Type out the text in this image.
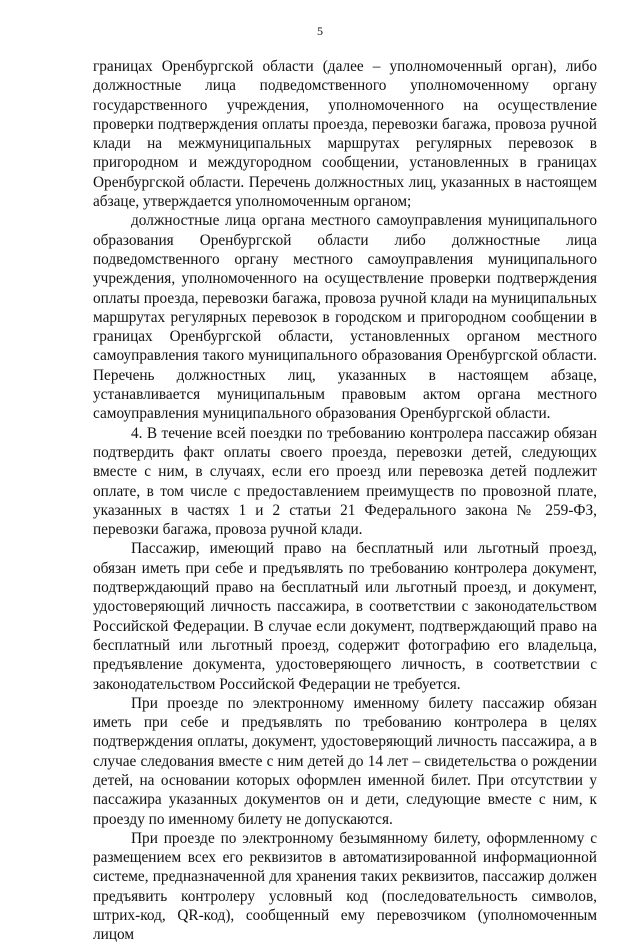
5

границах Оренбургской области (далее – уполномоченный орган), либо должностные лица подведомственного уполномоченному органу государственного учреждения, уполномоченного на осуществление проверки подтверждения оплаты проезда, перевозки багажа, провоза ручной клади на межмуниципальных маршрутах регулярных перевозок в пригородном и междугородном сообщении, установленных в границах Оренбургской области. Перечень должностных лиц, указанных в настоящем абзаце, утверждается уполномоченным органом;

должностные лица органа местного самоуправления муниципального образования Оренбургской области либо должностные лица подведомственного органу местного самоуправления муниципального учреждения, уполномоченного на осуществление проверки подтверждения оплаты проезда, перевозки багажа, провоза ручной клади на муниципальных маршрутах регулярных перевозок в городском и пригородном сообщении в границах Оренбургской области, установленных органом местного самоуправления такого муниципального образования Оренбургской области. Перечень должностных лиц, указанных в настоящем абзаце, устанавливается муниципальным правовым актом органа местного самоуправления муниципального образования Оренбургской области.

4. В течение всей поездки по требованию контролера пассажир обязан подтвердить факт оплаты своего проезда, перевозки детей, следующих вместе с ним, в случаях, если его проезд или перевозка детей подлежит оплате, в том числе с предоставлением преимуществ по провозной плате, указанных в частях 1 и 2 статьи 21 Федерального закона № 259-ФЗ, перевозки багажа, провоза ручной клади.

Пассажир, имеющий право на бесплатный или льготный проезд, обязан иметь при себе и предъявлять по требованию контролера документ, подтверждающий право на бесплатный или льготный проезд, и документ, удостоверяющий личность пассажира, в соответствии с законодательством Российской Федерации. В случае если документ, подтверждающий право на бесплатный или льготный проезд, содержит фотографию его владельца, предъявление документа, удостоверяющего личность, в соответствии с законодательством Российской Федерации не требуется.

При проезде по электронному именному билету пассажир обязан иметь при себе и предъявлять по требованию контролера в целях подтверждения оплаты, документ, удостоверяющий личность пассажира, а в случае следования вместе с ним детей до 14 лет – свидетельства о рождении детей, на основании которых оформлен именной билет. При отсутствии у пассажира указанных документов он и дети, следующие вместе с ним, к проезду по именному билету не допускаются.

При проезде по электронному безымянному билету, оформленному с размещением всех его реквизитов в автоматизированной информационной системе, предназначенной для хранения таких реквизитов, пассажир должен предъявить контролеру условный код (последовательность символов, штрих-код, QR-код), сообщенный ему перевозчиком (уполномоченным лицом
